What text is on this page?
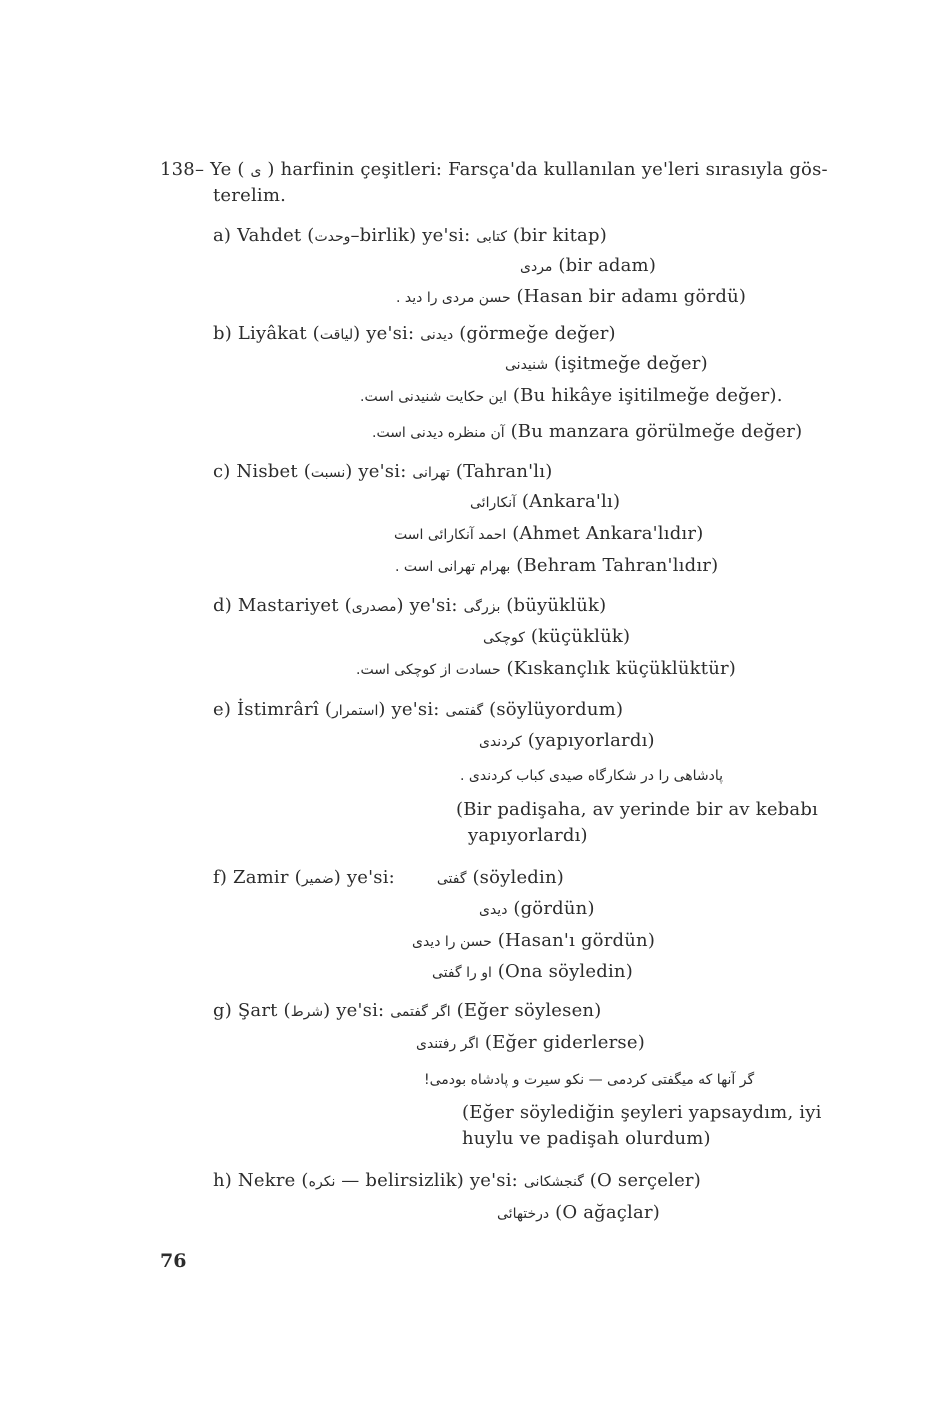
138– Ye ( ی ) harfinin çeşitleri: Farsça'da kullanılan ye'leri sırasıyla gös-
terelim.
a) Vahdet (وحدت–birlik) ye'si: كتابی (bir kitap)
مردی (bir adam)
حسن مردی را دید . (Hasan bir adamı gördü)
b) Liyâkat (لياقت) ye'si: ديدنی (görmeğe değer)
شنيدنی (işitmeğe değer)
اين حكايت شنيدنی است. (Bu hikâye işitilmeğe değer).
آن منظره ديدنی است. (Bu manzara görülmeğe değer)
c) Nisbet (نسبت) ye'si: تهرانی (Tahran'lı)
آنكارائی (Ankara'lı)
احمد آنكارائی است (Ahmet Ankara'lıdır)
بهرام تهرانی است . (Behram Tahran'lıdır)
d) Mastariyet (مصدری) ye'si: بزرگی (büyüklük)
كوچكی (küçüklük)
حسادت از كوچكی است. (Kıskançlık küçüklüktür)
e) İstimrârî (استمرار) ye'si: گفتمی (söylüyordum)
كردندی (yapıyorlardı)
پادشاهی را در شكارگاه صيدی كباب كردندی .
(Bir padişaha, av yerinde bir av kebabı
yapıyorlardı)
f) Zamir (ضمير) ye'si:	گفتی (söyledin)
ديدی (gördün)
حسن را ديدی (Hasan'ı gördün)
او را گفتی (Ona söyledin)
g) Şart (شرط) ye'si: اگر گفتمی (Eğer söylesen)
اگر رفتندی (Eğer giderlerse)
گر آنها كه ميگفتی كردمی — نكو سيرت و پادشاه بودمی!
(Eğer söylediğin şeyleri yapsaydım, iyi
huylu ve padişah olurdum)
h) Nekre (نكره — belirsizlik) ye'si: گنجشكانی (O serçeler)
درختهائی (O ağaçlar)
76
